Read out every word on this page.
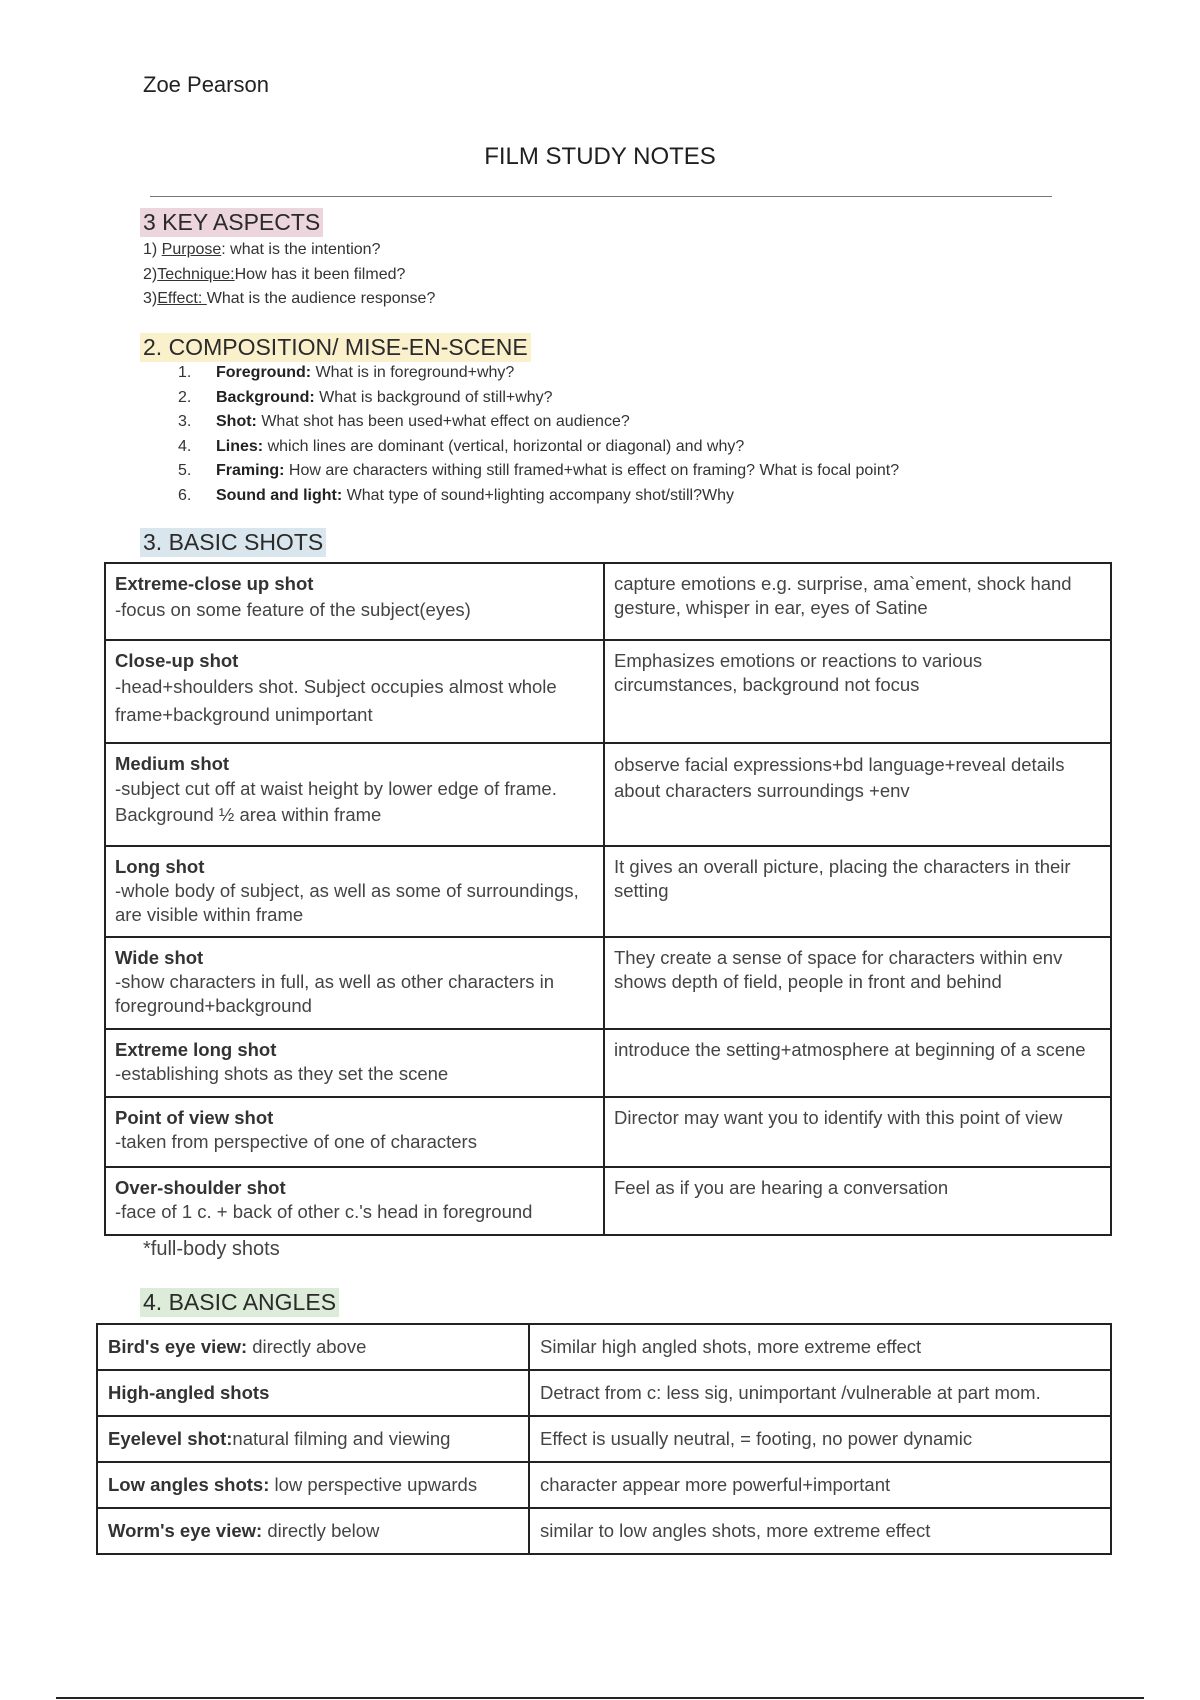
Zoe Pearson
FILM STUDY NOTES
3 KEY ASPECTS
1) Purpose: what is the intention?
2)Technique:How has it been filmed?
3)Effect: What is the audience response?
2. COMPOSITION/ MISE-EN-SCENE
1. Foreground: What is in foreground+why?
2. Background: What is background of still+why?
3. Shot: What shot has been used+what effect on audience?
4. Lines: which lines are dominant (vertical, horizontal or diagonal) and why?
5. Framing: How are characters withing still framed+what is effect on framing? What is focal point?
6. Sound and light: What type of sound+lighting accompany shot/still?Why
3. BASIC SHOTS
Extreme-close up shot
-focus on some feature of the subject(eyes)	capture emotions e.g. surprise, ama`ement, shock hand gesture, whisper in ear, eyes of Satine

Close-up shot
-head+shoulders shot. Subject occupies almost whole frame+background unimportant	Emphasizes emotions or reactions to various circumstances, background not focus

Medium shot
-subject cut off at waist height by lower edge of frame. Background ½ area within frame	observe facial expressions+bd language+reveal details about characters surroundings +env

Long shot
-whole body of subject, as well as some of surroundings, are visible within frame	It gives an overall picture, placing the characters in their setting

Wide shot
-show characters in full, as well as other characters in foreground+background	They create a sense of space for characters within env shows depth of field, people in front and behind

Extreme long shot
-establishing shots as they set the scene	introduce the setting+atmosphere at beginning of a scene

Point of view shot
-taken from perspective of one of characters	Director may want you to identify with this point of view

Over-shoulder shot
-face of 1 c. + back of other c.'s head in foreground	Feel as if you are hearing a conversation
*full-body shots
4. BASIC ANGLES
Bird's eye view: directly above	Similar high angled shots, more extreme effect
High-angled shots	Detract from c: less sig, unimportant /vulnerable at part mom.
Eyelevel shot:natural filming and viewing	Effect is usually neutral, = footing, no power dynamic
Low angles shots: low perspective upwards	character appear more powerful+important
Worm's eye view: directly below	similar to low angles shots, more extreme effect
